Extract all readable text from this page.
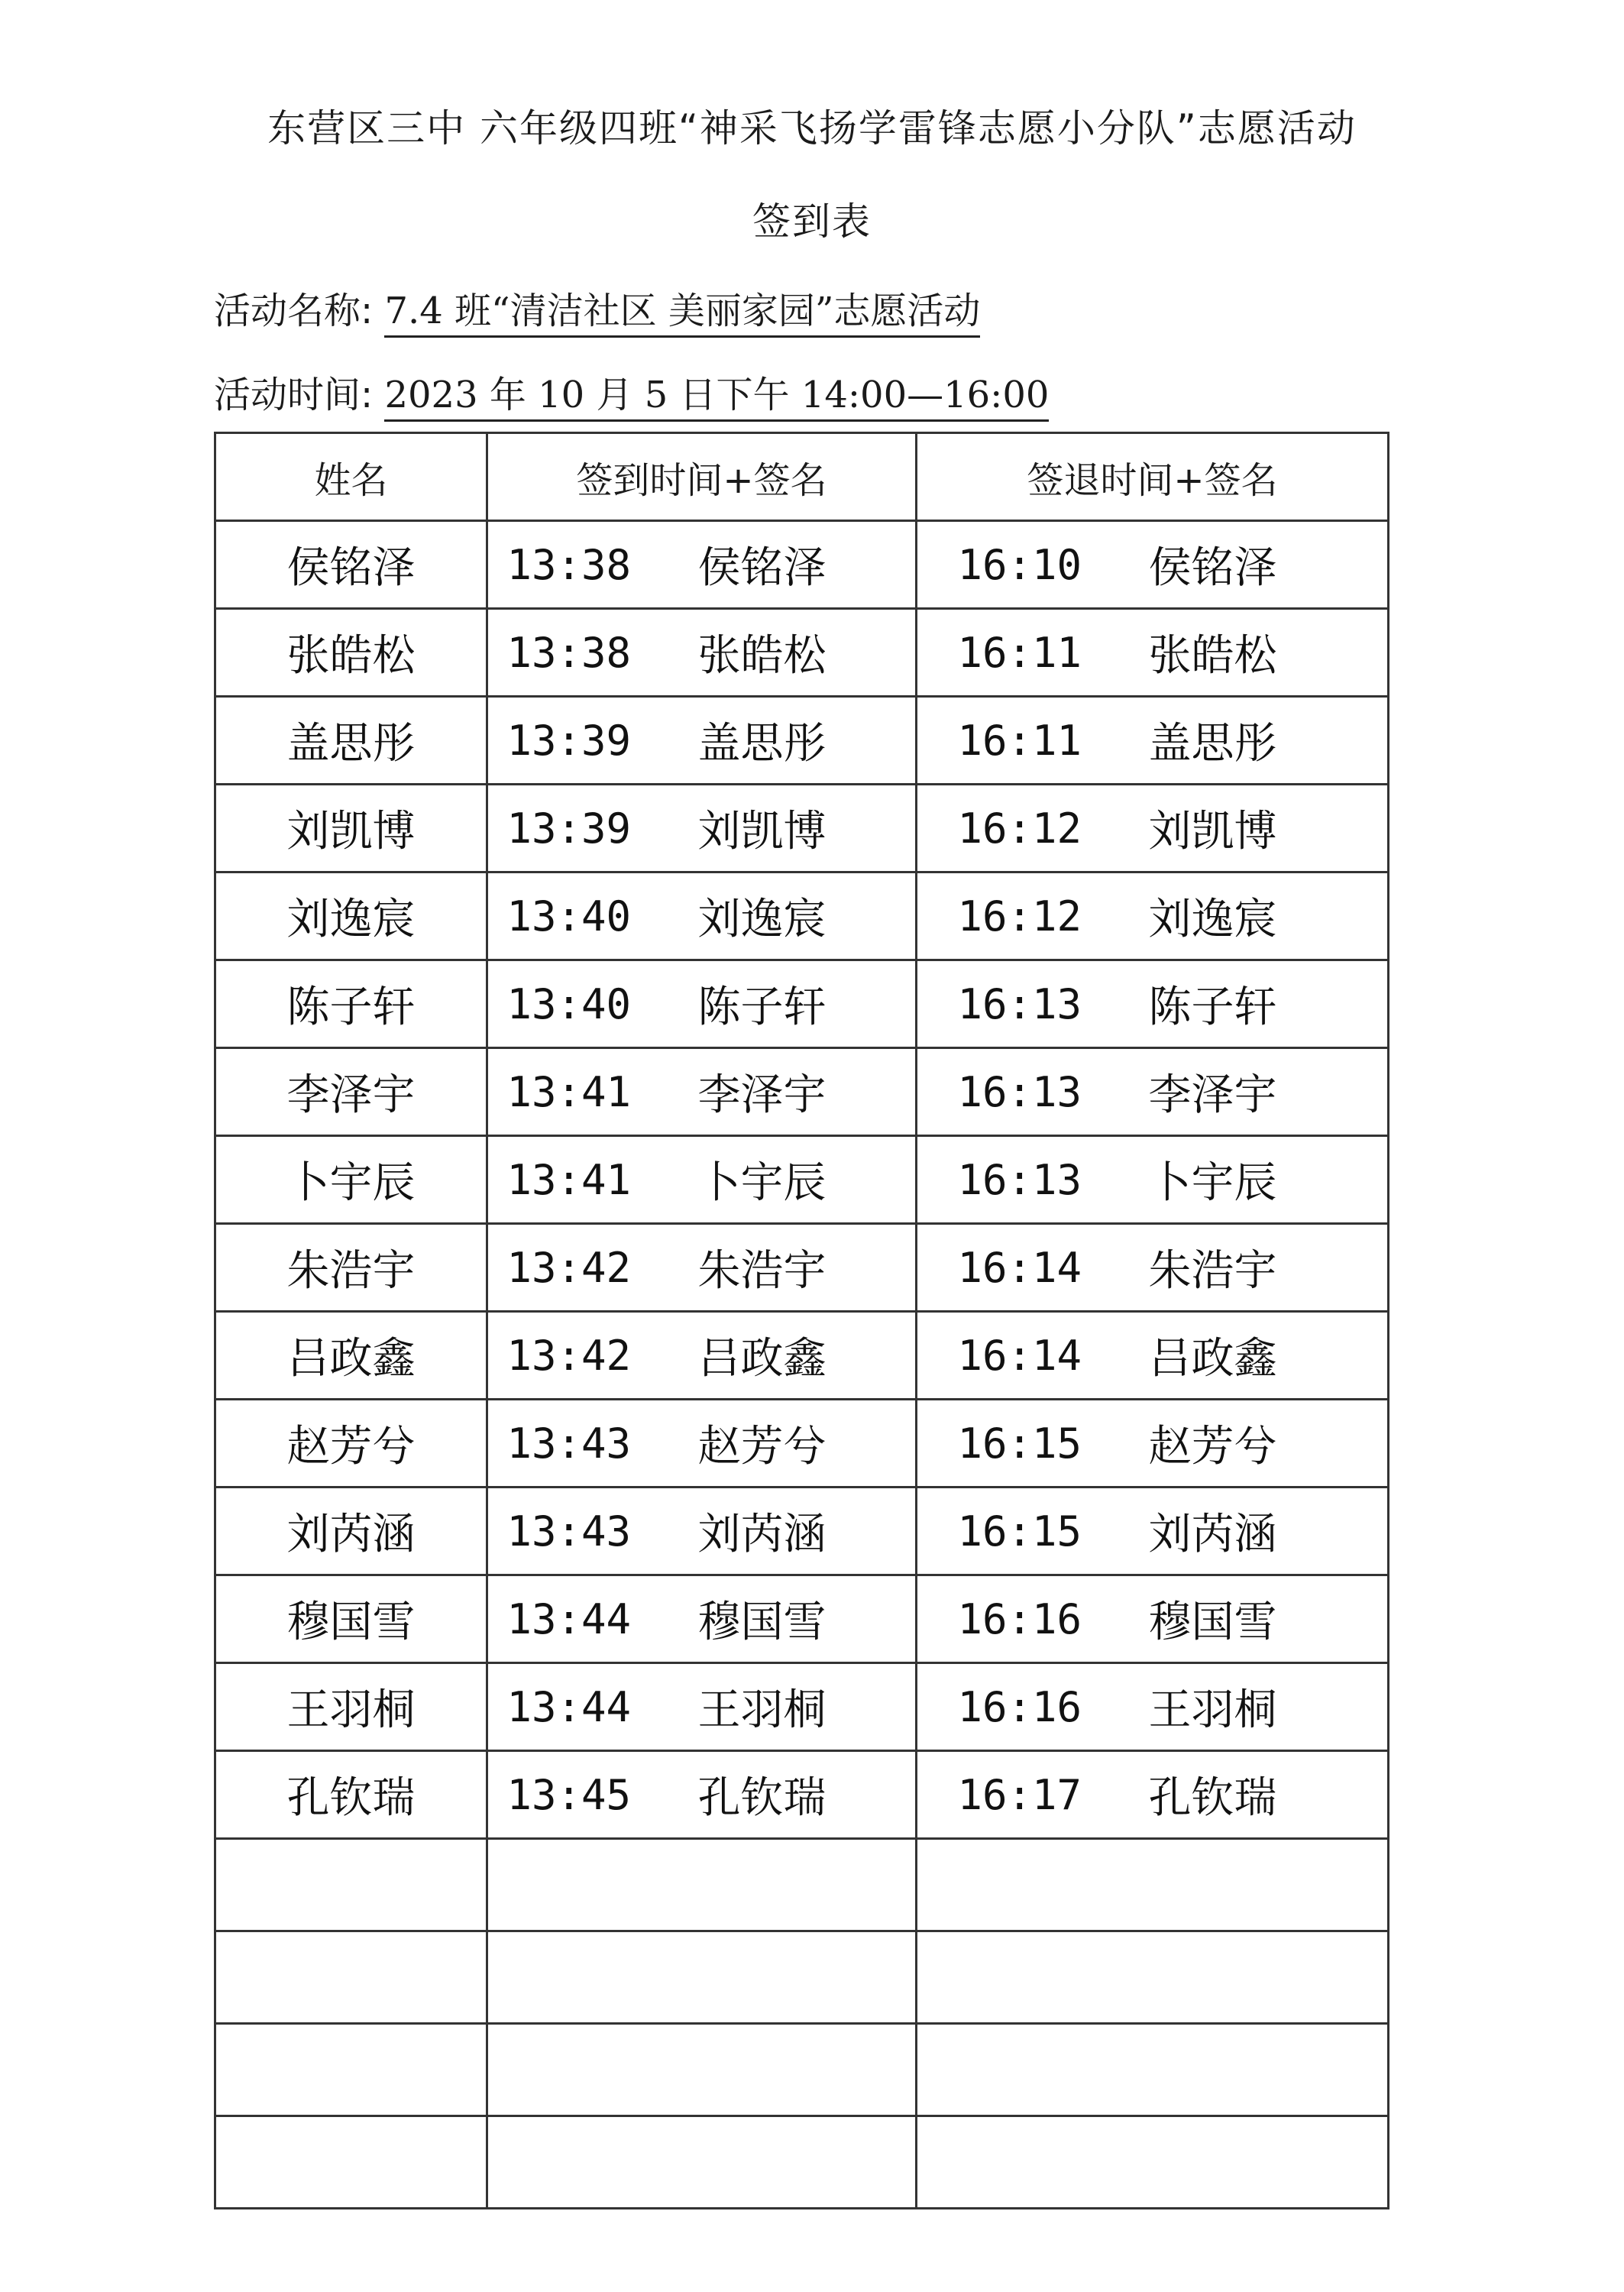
东营区三中 六年级四班“神采飞扬学雷锋志愿小分队”志愿活动
签到表
活动名称: 7.4 班“清洁社区 美丽家园”志愿活动
活动时间: 2023 年 10 月 5 日下午 14:00—16:00
姓名	签到时间+签名	签退时间+签名
侯铭泽	13:38 侯铭泽	16:10 侯铭泽

张皓松	13:38 张皓松	16:11 张皓松

盖思彤	13:39 盖思彤	16:11 盖思彤

刘凯博	13:39 刘凯博	16:12 刘凯博

刘逸宸	13:40 刘逸宸	16:12 刘逸宸

陈子轩	13:40 陈子轩	16:13 陈子轩

李泽宇	13:41 李泽宇	16:13 李泽宇

卜宇辰	13:41 卜宇辰	16:13 卜宇辰

朱浩宇	13:42 朱浩宇	16:14 朱浩宇

吕政鑫	13:42 吕政鑫	16:14 吕政鑫

赵芳兮	13:43 赵芳兮	16:15 赵芳兮

刘芮涵	13:43 刘芮涵	16:15 刘芮涵

穆国雪	13:44 穆国雪	16:16 穆国雪

王羽桐	13:44 王羽桐	16:16 王羽桐

孔钦瑞	13:45 孔钦瑞	16:17 孔钦瑞
